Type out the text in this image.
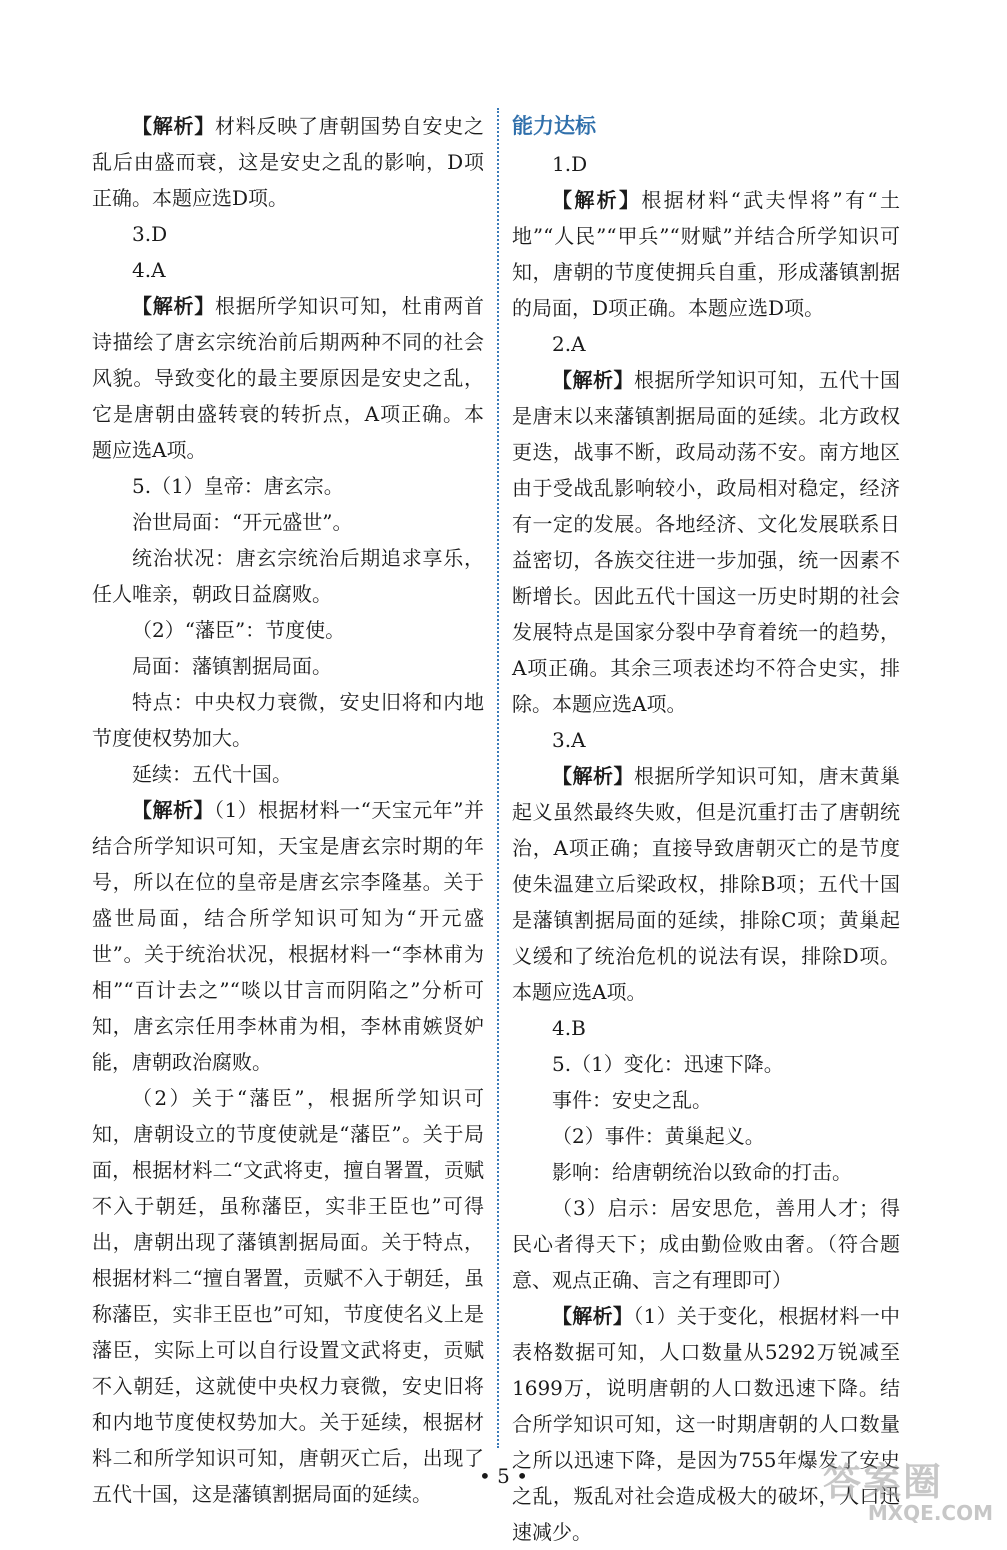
【解析】材料反映了唐朝国势自安史之乱后由盛而衰，这是安史之乱的影响，D项正确。本题应选D项。

3.D

4.A

【解析】根据所学知识可知，杜甫两首诗描绘了唐玄宗统治前后期两种不同的社会风貌。导致变化的最主要原因是安史之乱，它是唐朝由盛转衰的转折点，A项正确。本题应选A项。

5.（1）皇帝：唐玄宗。

治世局面：“开元盛世”。

统治状况：唐玄宗统治后期追求享乐，任人唯亲，朝政日益腐败。

（2）“藩臣”：节度使。

局面：藩镇割据局面。

特点：中央权力衰微，安史旧将和内地节度使权势加大。

延续：五代十国。

【解析】（1）根据材料一“天宝元年”并结合所学知识可知，天宝是唐玄宗时期的年号，所以在位的皇帝是唐玄宗李隆基。关于盛世局面，结合所学知识可知为“开元盛世”。关于统治状况，根据材料一“李林甫为相”“百计去之”“啖以甘言而阴陷之”分析可知，唐玄宗任用李林甫为相，李林甫嫉贤妒能，唐朝政治腐败。

（2）关于“藩臣”，根据所学知识可知，唐朝设立的节度使就是“藩臣”。关于局面，根据材料二“文武将吏，擅自署置，贡赋不入于朝廷，虽称藩臣，实非王臣也”可得出，唐朝出现了藩镇割据局面。关于特点，根据材料二“擅自署置，贡赋不入于朝廷，虽称藩臣，实非王臣也”可知，节度使名义上是藩臣，实际上可以自行设置文武将吏，贡赋不入朝廷，这就使中央权力衰微，安史旧将和内地节度使权势加大。关于延续，根据材料二和所学知识可知，唐朝灭亡后，出现了五代十国，这是藩镇割据局面的延续。

能力达标

1.D

【解析】根据材料“武夫悍将”有“土地”“人民”“甲兵”“财赋”并结合所学知识可知，唐朝的节度使拥兵自重，形成藩镇割据的局面，D项正确。本题应选D项。

2.A

【解析】根据所学知识可知，五代十国是唐末以来藩镇割据局面的延续。北方政权更迭，战事不断，政局动荡不安。南方地区由于受战乱影响较小，政局相对稳定，经济有一定的发展。各地经济、文化发展联系日益密切，各族交往进一步加强，统一因素不断增长。因此五代十国这一历史时期的社会发展特点是国家分裂中孕育着统一的趋势，A项正确。其余三项表述均不符合史实，排除。本题应选A项。

3.A

【解析】根据所学知识可知，唐末黄巢起义虽然最终失败，但是沉重打击了唐朝统治，A项正确；直接导致唐朝灭亡的是节度使朱温建立后梁政权，排除B项；五代十国是藩镇割据局面的延续，排除C项；黄巢起义缓和了统治危机的说法有误，排除D项。本题应选A项。

4.B

5.（1）变化：迅速下降。

事件：安史之乱。

（2）事件：黄巢起义。

影响：给唐朝统治以致命的打击。

（3）启示：居安思危，善用人才；得民心者得天下；成由勤俭败由奢。（符合题意、观点正确、言之有理即可）

【解析】（1）关于变化，根据材料一中表格数据可知，人口数量从5292万锐减至1699万，说明唐朝的人口数迅速下降。结合所学知识可知，这一时期唐朝的人口数量之所以迅速下降，是因为755年爆发了安史之乱，叛乱对社会造成极大的破坏，人口迅速减少。

• 5 •	答案圈
MXQE.COM
